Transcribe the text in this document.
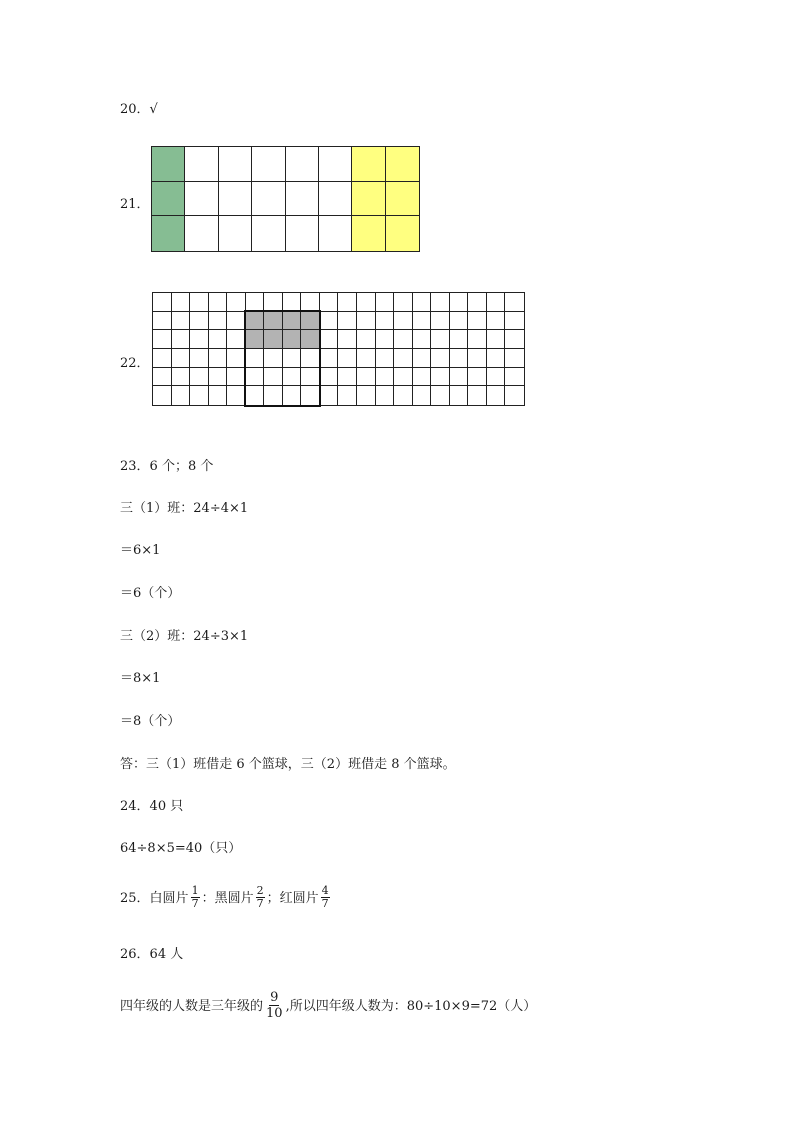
20．√
21．
22．
23．6 个；8 个
三（1）班：24÷4×1
＝6×1
＝6（个）
三（2）班：24÷3×1
＝8×1
＝8（个）
答：三（1）班借走 6 个篮球，三（2）班借走 8 个篮球。
24．40 只
64÷8×5=40（只）
25．白圆片 $\frac{1}{7}$ ：黑圆片 $\frac{2}{7}$ ；红圆片 $\frac{4}{7}$
26．64 人
四年级的人数是三年级的 $\frac{9}{10}$ ,所以四年级人数为：80÷10×9=72（人）
